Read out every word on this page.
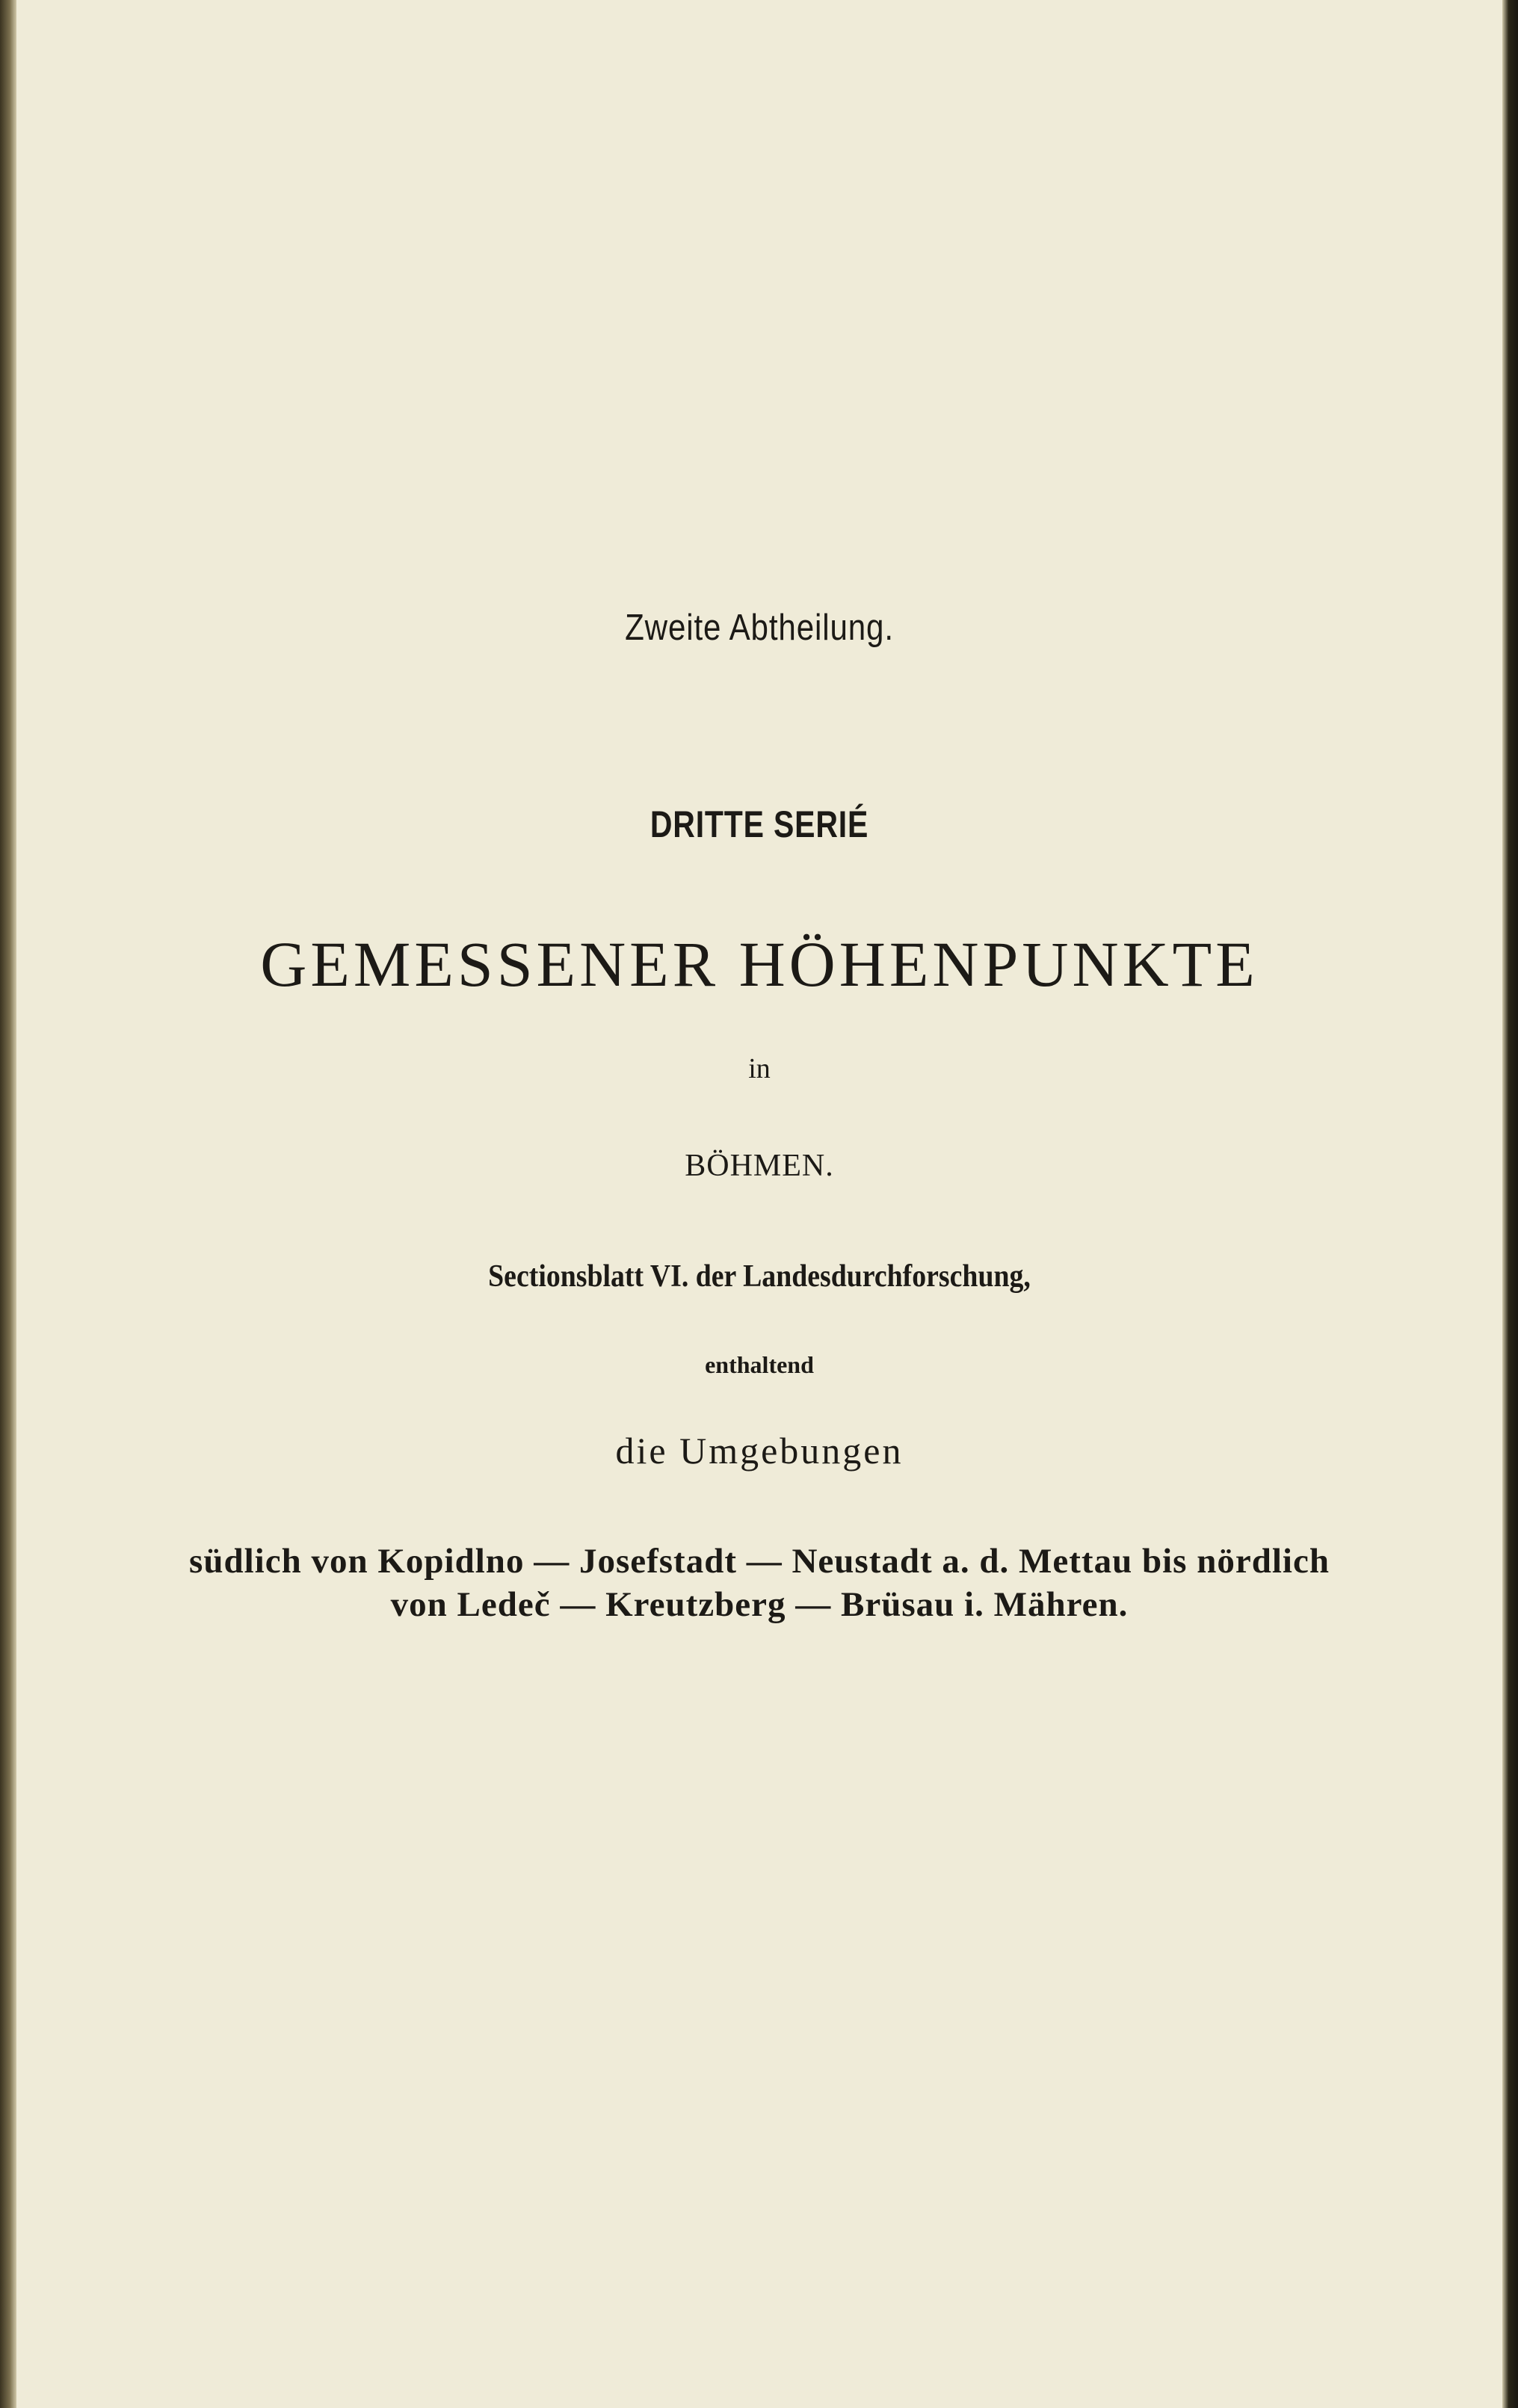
Zweite Abtheilung.
DRITTE SERIÉ
GEMESSENER HÖHENPUNKTE
in
BÖHMEN.
Sectionsblatt VI. der Landesdurchforschung,
enthaltend
die Umgebungen
südlich von Kopidlno — Josefstadt — Neustadt a. d. Mettau bis nördlich
von Ledeč — Kreutzberg — Brüsau i. Mähren.
